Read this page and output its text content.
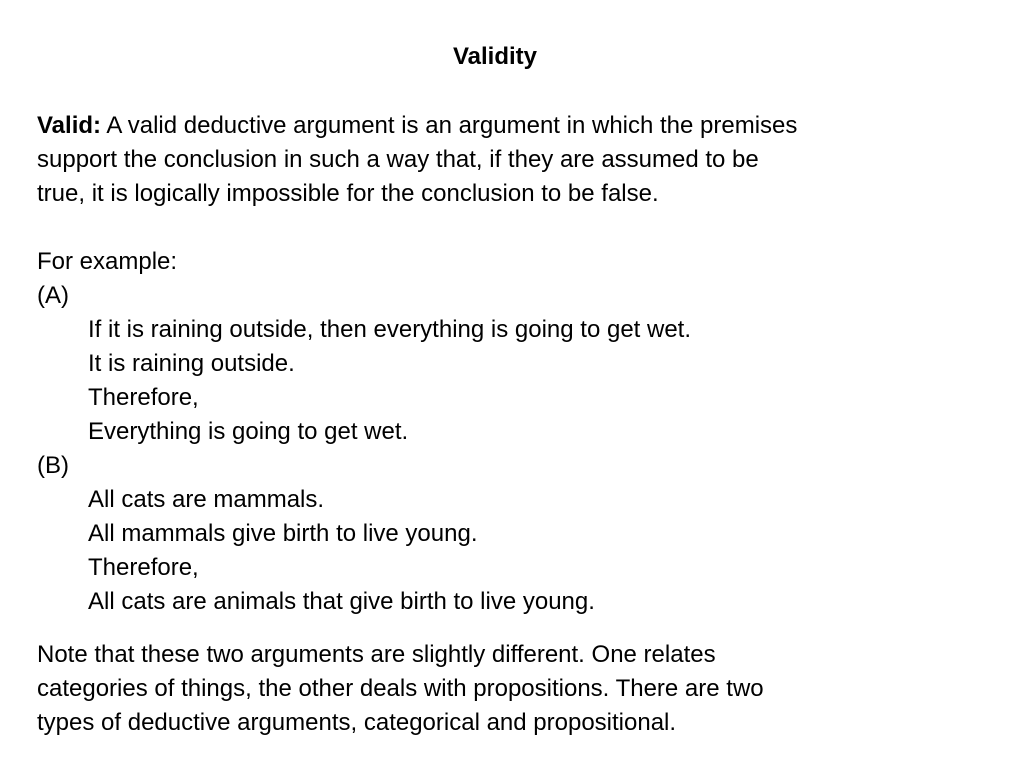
Validity
Valid: A valid deductive argument is an argument in which the premises
support the conclusion in such a way that, if they are assumed to be
true, it is logically impossible for the conclusion to be false.
For example:
(A)
If it is raining outside, then everything is going to get wet.
It is raining outside.
Therefore,
Everything is going to get wet.
(B)
All cats are mammals.
All mammals give birth to live young.
Therefore,
All cats are animals that give birth to live young.
Note that these two arguments are slightly different. One relates
categories of things, the other deals with propositions. There are two
types of deductive arguments, categorical and propositional.
